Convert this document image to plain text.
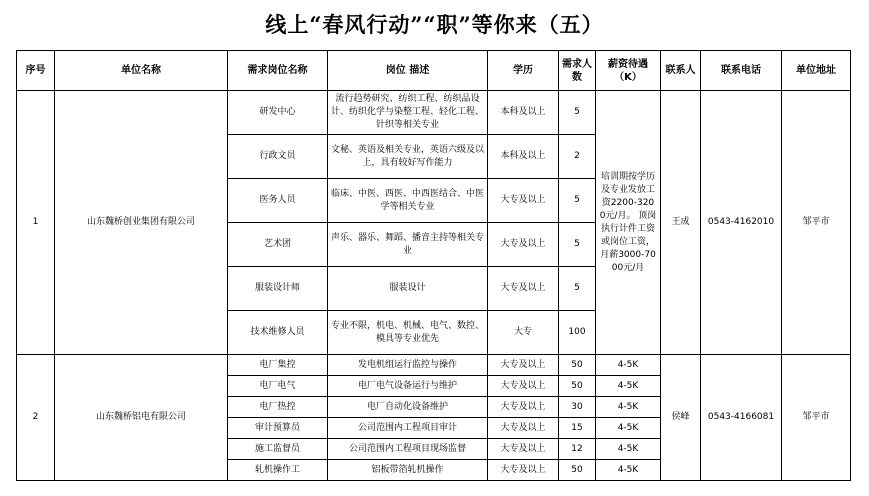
线上“春风行动”“职”等你来（五）
序号	单位名称	需求岗位名称	岗位 描述	学历	需求人数	薪资待遇（K）	联系人	联系电话	单位地址
1	山东魏桥创业集团有限公司	研发中心	流行趋势研究、纺织工程、纺织品设计、纺织化学与染整工程、轻化工程、针织等相关专业	本科及以上	5	培训期按学历及专业发放工资2200-3200元/月。 顶岗执行计件工资或岗位工资，月薪3000-7000元/月	王成	0543-4162010	邹平市
		行政文员	文秘、英语及相关专业，英语六级及以上，具有较好写作能力	本科及以上	2				
		医务人员	临床、中医、西医、中西医结合、中医学等相关专业	大专及以上	5				
		艺术团	声乐、器乐、舞蹈、播音主持等相关专业	大专及以上	5				
		服装设计师	服装设计	大专及以上	5				
		技术维修人员	专业不限，机电、机械、电气、数控、模具等专业优先	大专	100				
2	山东魏桥铝电有限公司	电厂集控	发电机组运行监控与操作	大专及以上	50	4-5K	侯峰	0543-4166081	邹平市
		电厂电气	电厂电气设备运行与维护	大专及以上	50	4-5K			
		电厂热控	电厂自动化设备维护	大专及以上	30	4-5K			
		审计预算员	公司范围内工程项目审计	大专及以上	15	4-5K			
		施工监督员	公司范围内工程项目现场监督	大专及以上	12	4-5K			
		轧机操作工	铝板带箔轧机操作	大专及以上	50	4-5K			
